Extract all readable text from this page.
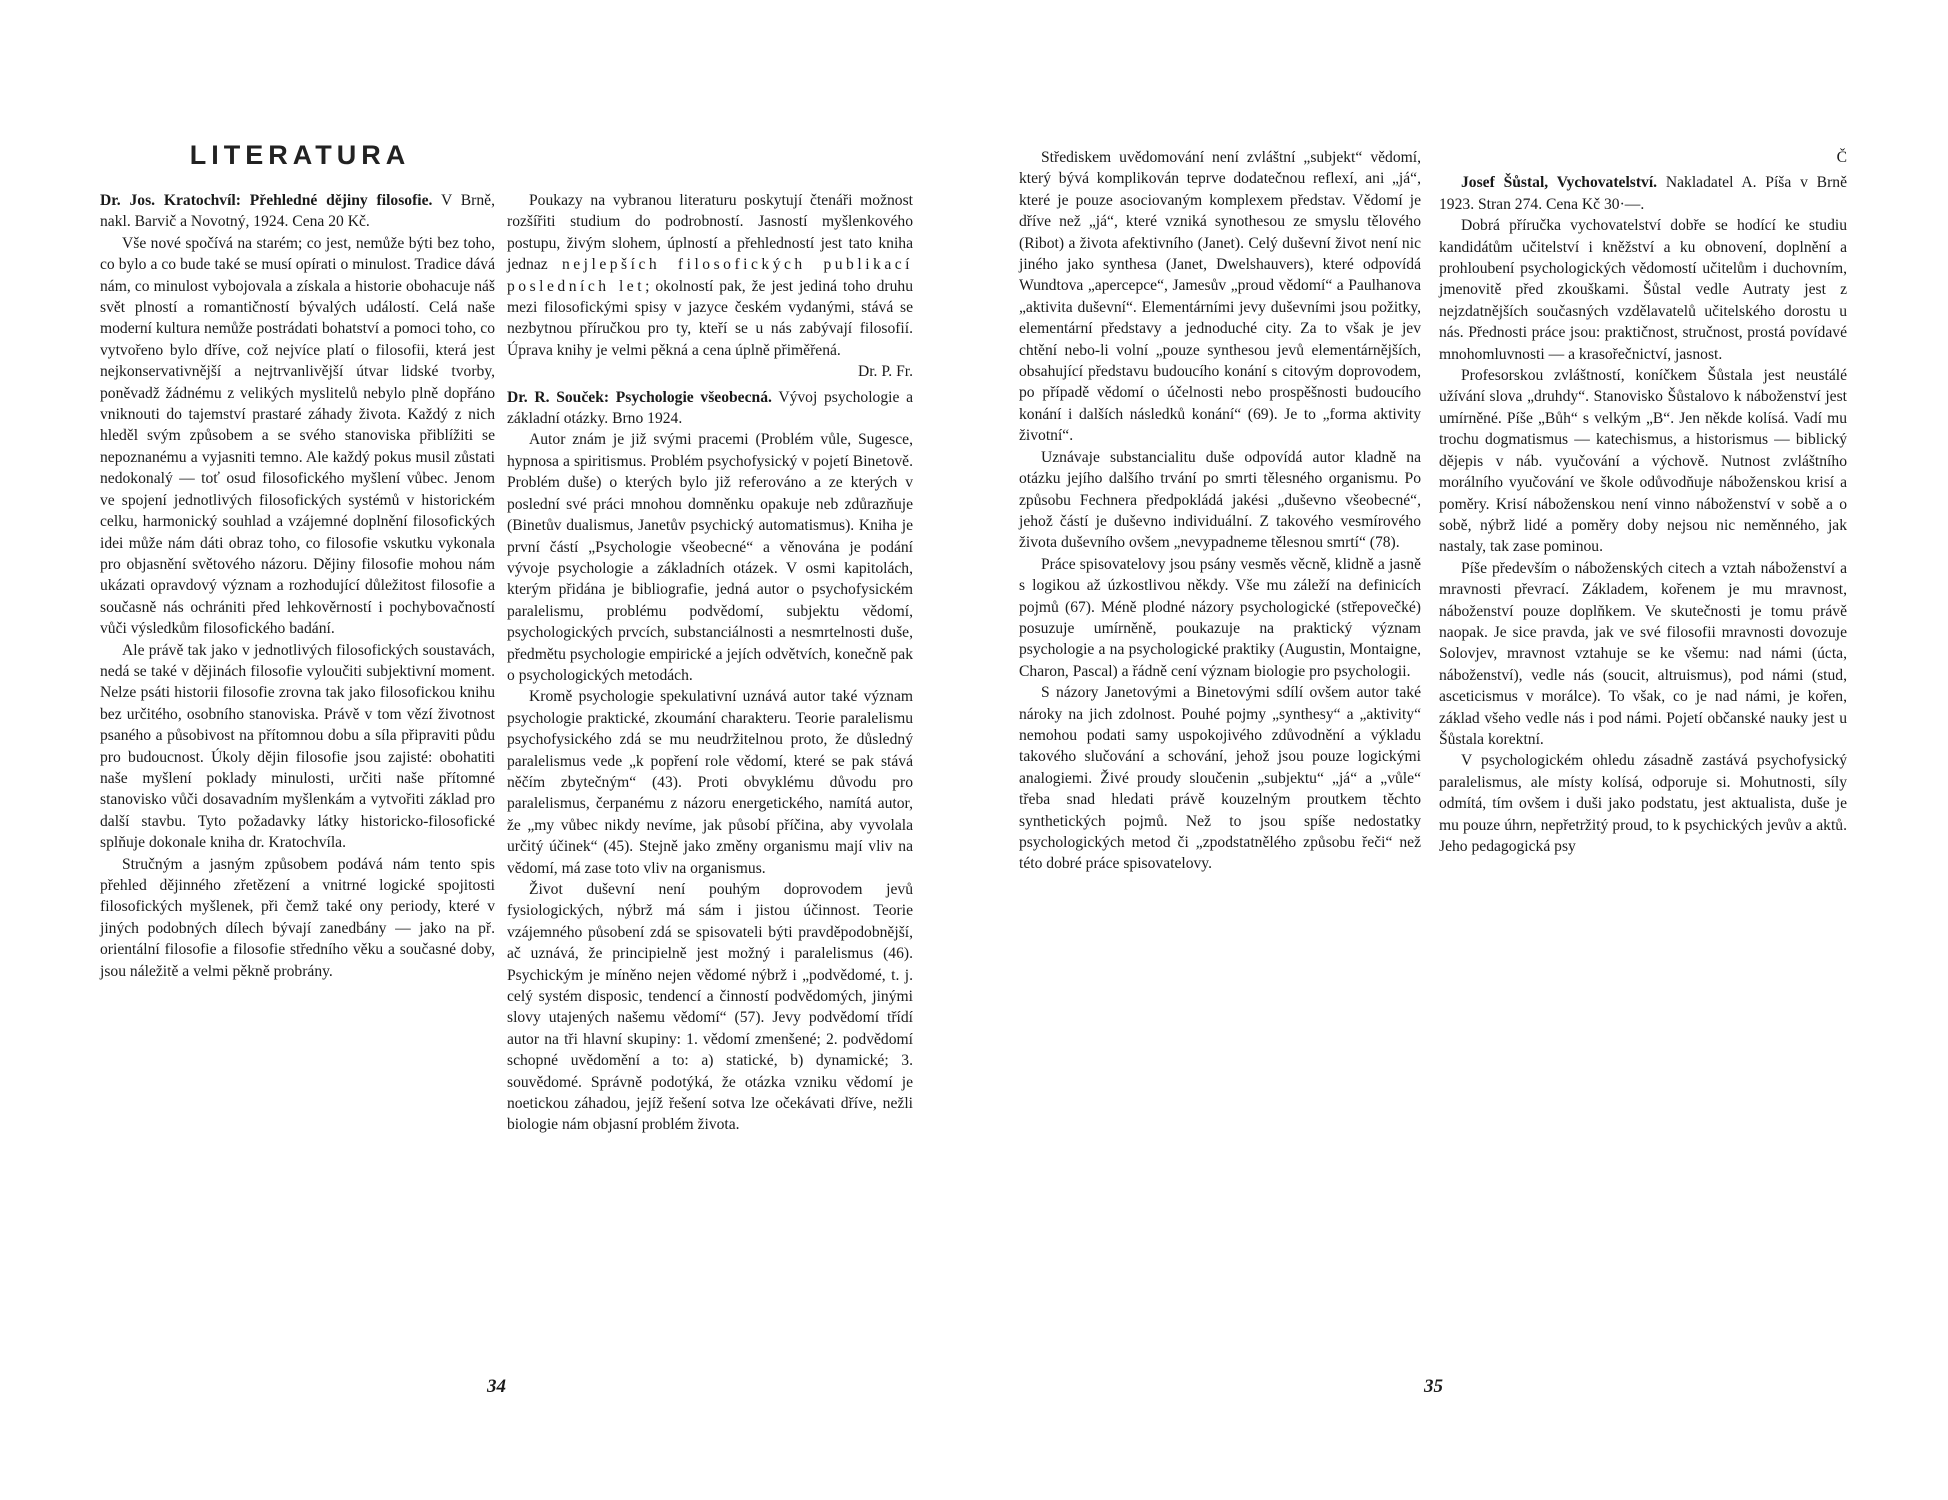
LITERATURA

Dr. Jos. Kratochvíl: Přehledné dějiny filosofie. V Brně, nakl. Barvič a Novotný, 1924. Cena 20 Kč.

Vše nové spočívá na starém; co jest, nemůže býti bez toho, co bylo a co bude také se musí opírati o minulost. Tradice dává nám, co minulost vybojovala a získala a historie obohacuje náš svět plností a romantičností bývalých událostí. Celá naše moderní kultura nemůže postrádati bohatství a pomoci toho, co vytvořeno bylo dříve, což nejvíce platí o filosofii, která jest nejkonservativnější a nejtrvanlivější útvar lidské tvorby, poněvadž žádnému z velikých myslitelů nebylo plně dopřáno vniknouti do tajemství prastaré záhady života. Každý z nich hleděl svým způsobem a se svého stanoviska přiblížiti se nepoznanému a vyjasniti temno. Ale každý pokus musil zůstati nedokonalý — toť osud filosofického myšlení vůbec. Jenom ve spojení jednotlivých filosofických systémů v historickém celku, harmonický souhlad a vzájemné doplnění filosofických idei může nám dáti obraz toho, co filosofie vskutku vykonala pro objasnění světového názoru. Dějiny filosofie mohou nám ukázati opravdový význam a rozhodující důležitost filosofie a současně nás ochrániti před lehkověrností i pochybovačností vůči výsledkům filosofického badání.

Ale právě tak jako v jednotlivých filosofických soustavách, nedá se také v dějinách filosofie vyloučiti subjektivní moment. Nelze psáti historii filosofie zrovna tak jako filosofickou knihu bez určitého, osobního stanoviska. Právě v tom vězí životnost psaného a působivost na přítomnou dobu a síla připraviti půdu pro budoucnost. Úkoly dějin filosofie jsou zajisté: obohatiti naše myšlení poklady minulosti, určiti naše přítomné stanovisko vůči dosavadním myšlenkám a vytvořiti základ pro další stavbu. Tyto požadavky látky historicko-filosofické splňuje dokonale kniha dr. Kratochvíla.

Stručným a jasným způsobem podává nám tento spis přehled dějinného zřetězení a vnitrné logické spojitosti filosofických myšlenek, při čemž také ony periody, které v jiných podobných dílech bývají zanedbány — jako na př. orientální filosofie a filosofie středního věku a současné doby, jsou náležitě a velmi pěkně probrány.

Poukazy na vybranou literaturu poskytují čtenáři možnost rozšířiti studium do podrobností. Jasností myšlenkového postupu, živým slohem, úplností a přehledností jest tato kniha jednaz nejlepších filosofických publikací posledních let; okolností pak, že jest jediná toho druhu mezi filosofickými spisy v jazyce českém vydanými, stává se nezbytnou příručkou pro ty, kteří se u nás zabývají filosofií. Úprava knihy je velmi pěkná a cena úplně přiměřená.

Dr. P. Fr.

Dr. R. Souček: Psychologie všeobecná. Vývoj psychologie a základní otázky. Brno 1924.

Autor znám je již svými pracemi (Problém vůle, Sugesce, hypnosa a spiritismus. Problém psychofysický v pojetí Binetově. Problém duše) o kterých bylo již referováno a ze kterých v poslední své práci mnohou domněnku opakuje neb zdůrazňuje (Binetův dualismus, Janetův psychický automatismus). Kniha je první částí „Psychologie všeobecné“ a věnována je podání vývoje psychologie a základních otázek. V osmi kapitolách, kterým přidána je bibliografie, jedná autor o psychofysickém paralelismu, problému podvědomí, subjektu vědomí, psychologických prvcích, substanciálnosti a nesmrtelnosti duše, předmětu psychologie empirické a jejích odvětvích, konečně pak o psychologických metodách.

Kromě psychologie spekulativní uznává autor také význam psychologie praktické, zkoumání charakteru. Teorie paralelismu psychofysického zdá se mu neudržitelnou proto, že důsledný paralelismus vede „k popření role vědomí, které se pak stává něčím zbytečným“ (43). Proti obvyklému důvodu pro paralelismus, čerpanému z názoru energetického, namítá autor, že „my vůbec nikdy nevíme, jak působí příčina, aby vyvolala určitý účinek“ (45). Stejně jako změny organismu mají vliv na vědomí, má zase toto vliv na organismus.

Život duševní není pouhým doprovodem jevů fysiologických, nýbrž má sám i jistou účinnost. Teorie vzájemného působení zdá se spisovateli býti pravděpodobnější, ač uznává, že principielně jest možný i paralelismus (46). Psychickým je míněno nejen vědomé nýbrž i „podvědomé, t. j. celý systém disposic, tendencí a činností podvědomých, jinými slovy utajených našemu vědomí“ (57). Jevy podvědomí třídí autor na tři hlavní skupiny: 1. vědomí zmenšené; 2. podvědomí schopné uvědomění a to: a) statické, b) dynamické; 3. souvědomé. Správně podotýká, že otázka vzniku vědomí je noetickou záhadou, jejíž řešení sotva lze očekávati dříve, nežli biologie nám objasní problém života.

34

Střediskem uvědomování není zvláštní „subjekt“ vědomí, který bývá komplikován teprve dodatečnou reflexí, ani „já“, které je pouze asociovaným komplexem představ. Vědomí je dříve než „já“, které vzniká synothesou ze smyslu tělového (Ribot) a života afektivního (Janet). Celý duševní život není nic jiného jako synthesa (Janet, Dwelshauvers), které odpovídá Wundtova „apercepce“, Jamesův „proud vědomí“ a Paulhanova „aktivita duševní“. Elementárními jevy duševními jsou požitky, elementární představy a jednoduché city. Za to však je jev chtění nebo-li volní „pouze synthesou jevů elementárnějších, obsahující představu budoucího konání s citovým doprovodem, po případě vědomí o účelnosti nebo prospěšnosti budoucího konání i dalších následků konání“ (69). Je to „forma aktivity životní“.

Uznávaje substancialitu duše odpovídá autor kladně na otázku jejího dalšího trvání po smrti tělesného organismu. Po způsobu Fechnera předpokládá jakési „duševno všeobecné“, jehož částí je duševno individuální. Z takového vesmírového života duševního ovšem „nevypadneme tělesnou smrtí“ (78).

Práce spisovatelovy jsou psány vesměs věcně, klidně a jasně s logikou až úzkostlivou někdy. Vše mu záleží na definicích pojmů (67). Méně plodné názory psychologické (střepovečké) posuzuje umírněně, poukazuje na praktický význam psychologie a na psychologické praktiky (Augustin, Montaigne, Charon, Pascal) a řádně cení význam biologie pro psychologii.

S názory Janetovými a Binetovými sdílí ovšem autor také nároky na jich zdolnost. Pouhé pojmy „synthesy“ a „aktivity“ nemohou podati samy uspokojivého zdůvodnění a výkladu takového slučování a schování, jehož jsou pouze logickými analogiemi. Živé proudy sloučenin „subjektu“ „já“ a „vůle“ třeba snad hledati právě kouzelným proutkem těchto synthetických pojmů. Než to jsou spíše nedostatky psychologických metod či „zpodstatnělého způsobu řeči“ než této dobré práce spisovatelovy.

Č

Josef Šůstal, Vychovatelství. Nakladatel A. Píša v Brně 1923. Stran 274. Cena Kč 30·—.

Dobrá příručka vychovatelství dobře se hodící ke studiu kandidátům učitelství i kněžství a ku obnovení, doplnění a prohloubení psychologických vědomostí učitelům i duchovním, jmenovitě před zkouškami. Šůstal vedle Autraty jest z nejzdatnějších současných vzdělavatelů učitelského dorostu u nás. Přednosti práce jsou: praktičnost, stručnost, prostá povídavé mnohomluvnosti — a krasořečnictví, jasnost.

Profesorskou zvláštností, koníčkem Šůstala jest neustálé užívání slova „druhdy“. Stanovisko Šůstalovo k náboženství jest umírněné. Píše „Bůh“ s velkým „B“. Jen někde kolísá. Vadí mu trochu dogmatismus — katechismus, a historismus — biblický dějepis v náb. vyučování a výchově. Nutnost zvláštního morálního vyučování ve škole odůvodňuje náboženskou krisí a poměry. Krisí náboženskou není vinno náboženství v sobě a o sobě, nýbrž lidé a poměry doby nejsou nic neměnného, jak nastaly, tak zase pominou.

Píše především o náboženských citech a vztah náboženství a mravnosti převrací. Základem, kořenem je mu mravnost, náboženství pouze doplňkem. Ve skutečnosti je tomu právě naopak. Je sice pravda, jak ve své filosofii mravnosti dovozuje Solovjev, mravnost vztahuje se ke všemu: nad námi (úcta, náboženství), vedle nás (soucit, altruismus), pod námi (stud, asceticismus v morálce). To však, co je nad námi, je kořen, základ všeho vedle nás i pod námi. Pojetí občanské nauky jest u Šůstala korektní.

V psychologickém ohledu zásadně zastává psychofysický paralelismus, ale místy kolísá, odporuje si. Mohutnosti, síly odmítá, tím ovšem i duši jako podstatu, jest aktualista, duše je mu pouze úhrn, nepřetržitý proud, to k psychických jevův a aktů. Jeho pedagogická psy

35
